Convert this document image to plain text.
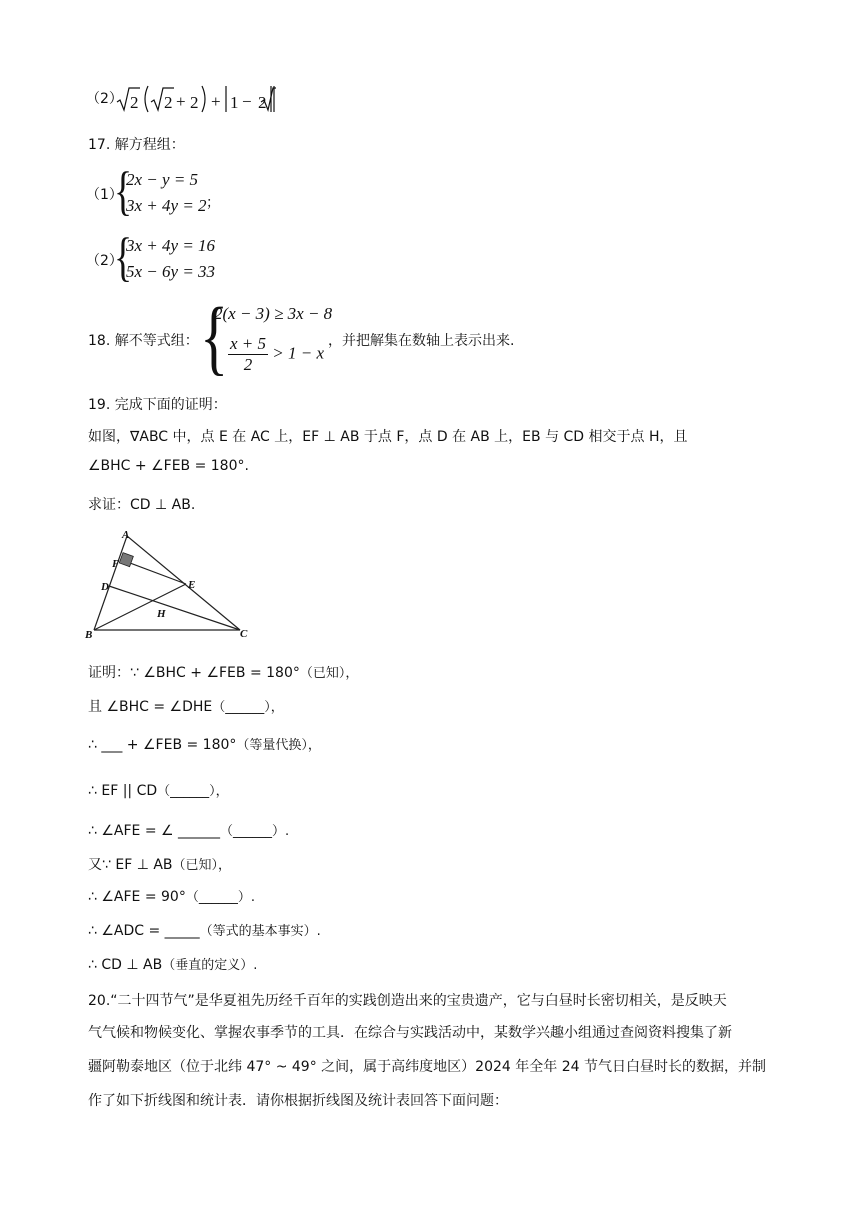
（2） 2 2 + 2 + 1 − 2
17. 解方程组：
（1）
{
2x − y = 5
3x + 4y = 2 ；
（2）
{
3x + 4y = 16
5x − 6y = 33
18. 解不等式组： {
2(x − 3) ≥ 3x − 8
$\frac{x + 5}{2} > 1 - x$
，并把解集在数轴上表示出来.
19. 完成下面的证明：
如图，∇ABC 中，点 E 在 AC 上，EF ⊥ AB 于点 F，点 D 在 AB 上，EB 与 CD 相交于点 H，且
∠BHC + ∠FEB = 180°.
求证：CD ⊥ AB.
A
F
D	E
H
B	C
证明：∵ ∠BHC + ∠FEB = 180°（已知），
且 ∠BHC = ∠DHE（______），
∴ ___ + ∠FEB = 180°（等量代换），
∴ EF || CD（______），
∴ ∠AFE = ∠ ______（______）.
又∵ EF ⊥ AB（已知），
∴ ∠AFE = 90°（______）.
∴ ∠ADC = _____（等式的基本事实）.
∴ CD ⊥ AB（垂直的定义）.
20.“二十四节气”是华夏祖先历经千百年的实践创造出来的宝贵遗产，它与白昼时长密切相关，是反映天
气气候和物候变化、掌握农事季节的工具．在综合与实践活动中，某数学兴趣小组通过查阅资料搜集了新
疆阿勒泰地区（位于北纬 47° ~ 49° 之间，属于高纬度地区）2024 年全年 24 节气日白昼时长的数据，并制
作了如下折线图和统计表．请你根据折线图及统计表回答下面问题：
